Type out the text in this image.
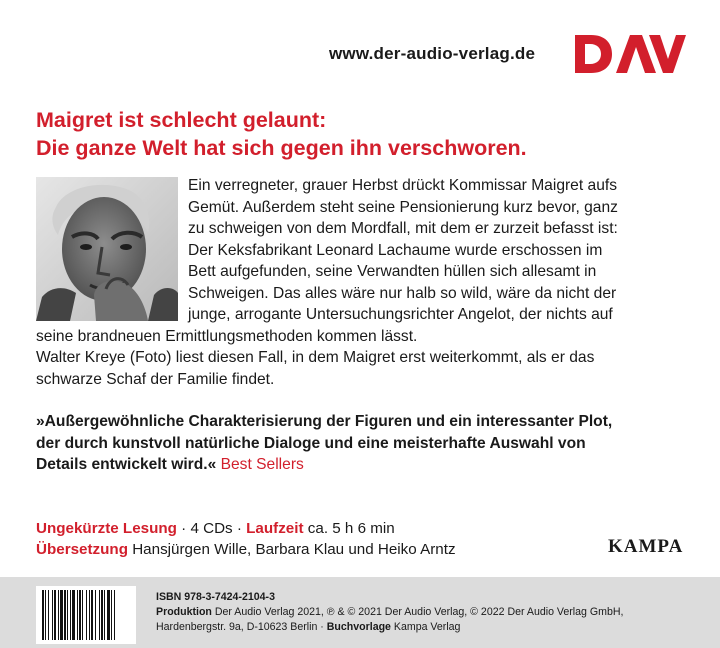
www.der-audio-verlag.de
Maigret ist schlecht gelaunt:
Die ganze Welt hat sich gegen ihn verschworen.
Ein verregneter, grauer Herbst drückt Kommissar Maigret aufs
Gemüt. Außerdem steht seine Pensionierung kurz bevor, ganz
zu schweigen von dem Mordfall, mit dem er zurzeit befasst ist:
Der Keksfabrikant Leonard Lachaume wurde erschossen im
Bett aufgefunden, seine Verwandten hüllen sich allesamt in
Schweigen. Das alles wäre nur halb so wild, wäre da nicht der
junge, arrogante Untersuchungsrichter Angelot, der nichts auf
seine brandneuen Ermittlungsmethoden kommen lässt.
Walter Kreye (Foto) liest diesen Fall, in dem Maigret erst weiterkommt, als er das
schwarze Schaf der Familie findet.
»Außergewöhnliche Charakterisierung der Figuren und ein interessanter Plot,
der durch kunstvoll natürliche Dialoge und eine meisterhafte Auswahl von
Details entwickelt wird.« Best Sellers
Ungekürzte Lesung · 4 CDs · Laufzeit ca. 5 h 6 min
Übersetzung Hansjürgen Wille, Barbara Klau und Heiko Arntz	KAMPA
ISBN 978-3-7424-2104-3
Produktion Der Audio Verlag 2021, ℗ & © 2021 Der Audio Verlag, © 2022 Der Audio Verlag GmbH,
Hardenbergstr. 9a, D-10623 Berlin · Buchvorlage Kampa Verlag
